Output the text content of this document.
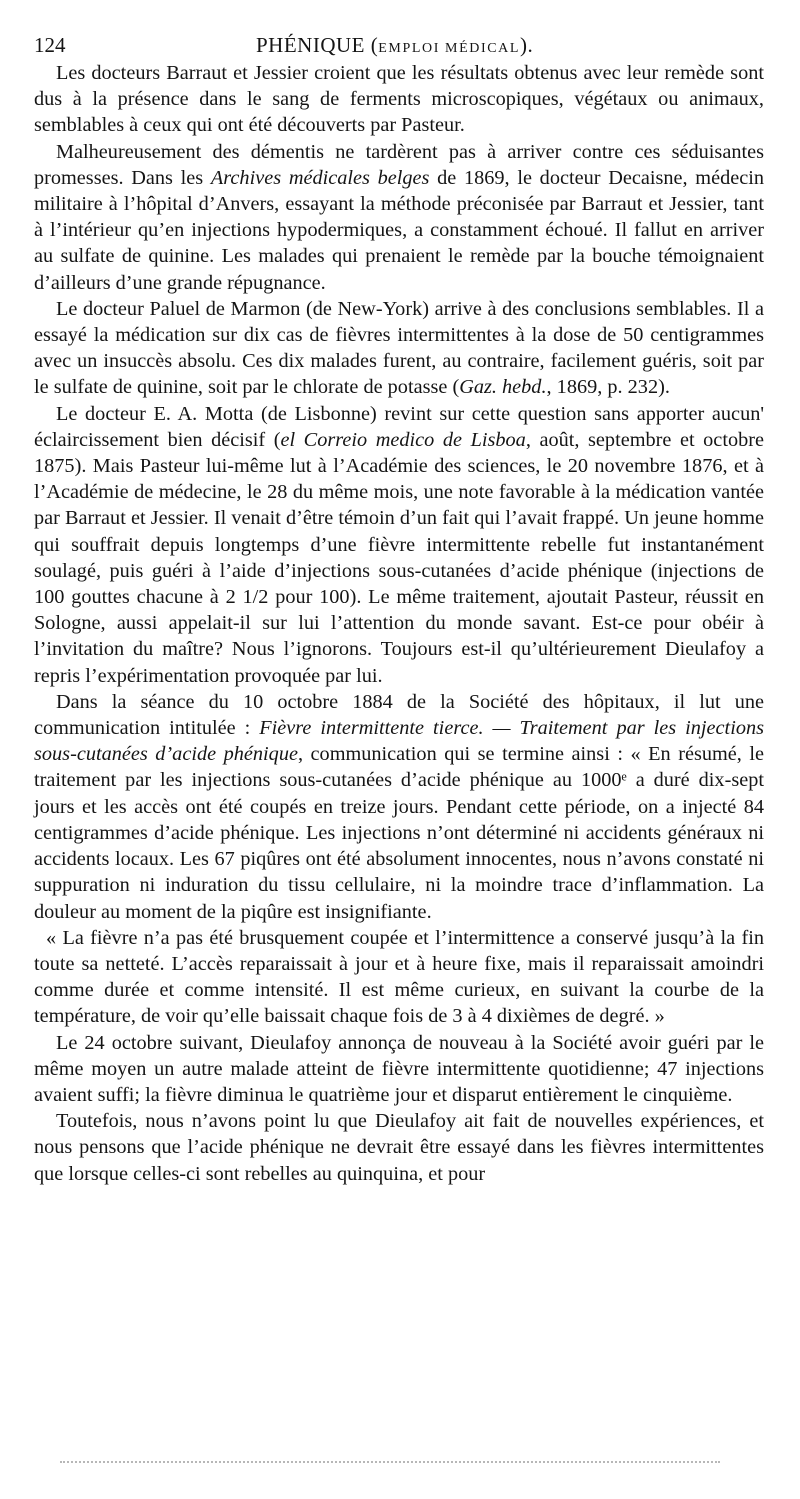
124	PHÉNIQUE (EMPLOI MÉDICAL).

Les docteurs Barraut et Jessier croient que les résultats obtenus avec leur remède sont dus à la présence dans le sang de ferments microscopiques, végétaux ou animaux, semblables à ceux qui ont été découverts par Pasteur.

Malheureusement des démentis ne tardèrent pas à arriver contre ces séduisantes promesses. Dans les Archives médicales belges de 1869, le docteur Decaisne, médecin militaire à l’hôpital d’Anvers, essayant la méthode préconisée par Barraut et Jessier, tant à l’intérieur qu’en injections hypodermiques, a constamment échoué. Il fallut en arriver au sulfate de quinine. Les malades qui prenaient le remède par la bouche témoignaient d’ailleurs d’une grande répugnance.

Le docteur Paluel de Marmon (de New-York) arrive à des conclusions semblables. Il a essayé la médication sur dix cas de fièvres intermittentes à la dose de 50 centigrammes avec un insuccès absolu. Ces dix malades furent, au contraire, facilement guéris, soit par le sulfate de quinine, soit par le chlorate de potasse (Gaz. hebd., 1869, p. 232).

Le docteur E. A. Motta (de Lisbonne) revint sur cette question sans apporter aucun' éclaircissement bien décisif (el Correio medico de Lisboa, août, septembre et octobre 1875). Mais Pasteur lui-même lut à l’Académie des sciences, le 20 novembre 1876, et à l’Académie de médecine, le 28 du même mois, une note favorable à la médication vantée par Barraut et Jessier. Il venait d’être témoin d’un fait qui l’avait frappé. Un jeune homme qui souffrait depuis longtemps d’une fièvre intermittente rebelle fut instantanément soulagé, puis guéri à l’aide d’injections sous-cutanées d’acide phénique (injections de 100 gouttes chacune à 2 1/2 pour 100). Le même traitement, ajoutait Pasteur, réussit en Sologne, aussi appelait-il sur lui l’attention du monde savant. Est-ce pour obéir à l’invitation du maître? Nous l’ignorons. Toujours est-il qu’ultérieurement Dieulafoy a repris l’expérimentation provoquée par lui.

Dans la séance du 10 octobre 1884 de la Société des hôpitaux, il lut une communication intitulée : Fièvre intermittente tierce. — Traitement par les injections sous-cutanées d’acide phénique, communication qui se termine ainsi : « En résumé, le traitement par les injections sous-cutanées d’acide phénique au 1000ᵉ a duré dix-sept jours et les accès ont été coupés en treize jours. Pendant cette période, on a injecté 84 centigrammes d’acide phénique. Les injections n’ont déterminé ni accidents généraux ni accidents locaux. Les 67 piqûres ont été absolument innocentes, nous n’avons constaté ni suppuration ni induration du tissu cellulaire, ni la moindre trace d’inflammation. La douleur au moment de la piqûre est insignifiante.

« La fièvre n’a pas été brusquement coupée et l’intermittence a conservé jusqu’à la fin toute sa netteté. L’accès reparaissait à jour et à heure fixe, mais il reparaissait amoindri comme durée et comme intensité. Il est même curieux, en suivant la courbe de la température, de voir qu’elle baissait chaque fois de 3 à 4 dixièmes de degré. »

Le 24 octobre suivant, Dieulafoy annonça de nouveau à la Société avoir guéri par le même moyen un autre malade atteint de fièvre intermittente quotidienne; 47 injections avaient suffi; la fièvre diminua le quatrième jour et disparut entièrement le cinquième.

Toutefois, nous n’avons point lu que Dieulafoy ait fait de nouvelles expériences, et nous pensons que l’acide phénique ne devrait être essayé dans les fièvres intermittentes que lorsque celles-ci sont rebelles au quinquina, et pour
